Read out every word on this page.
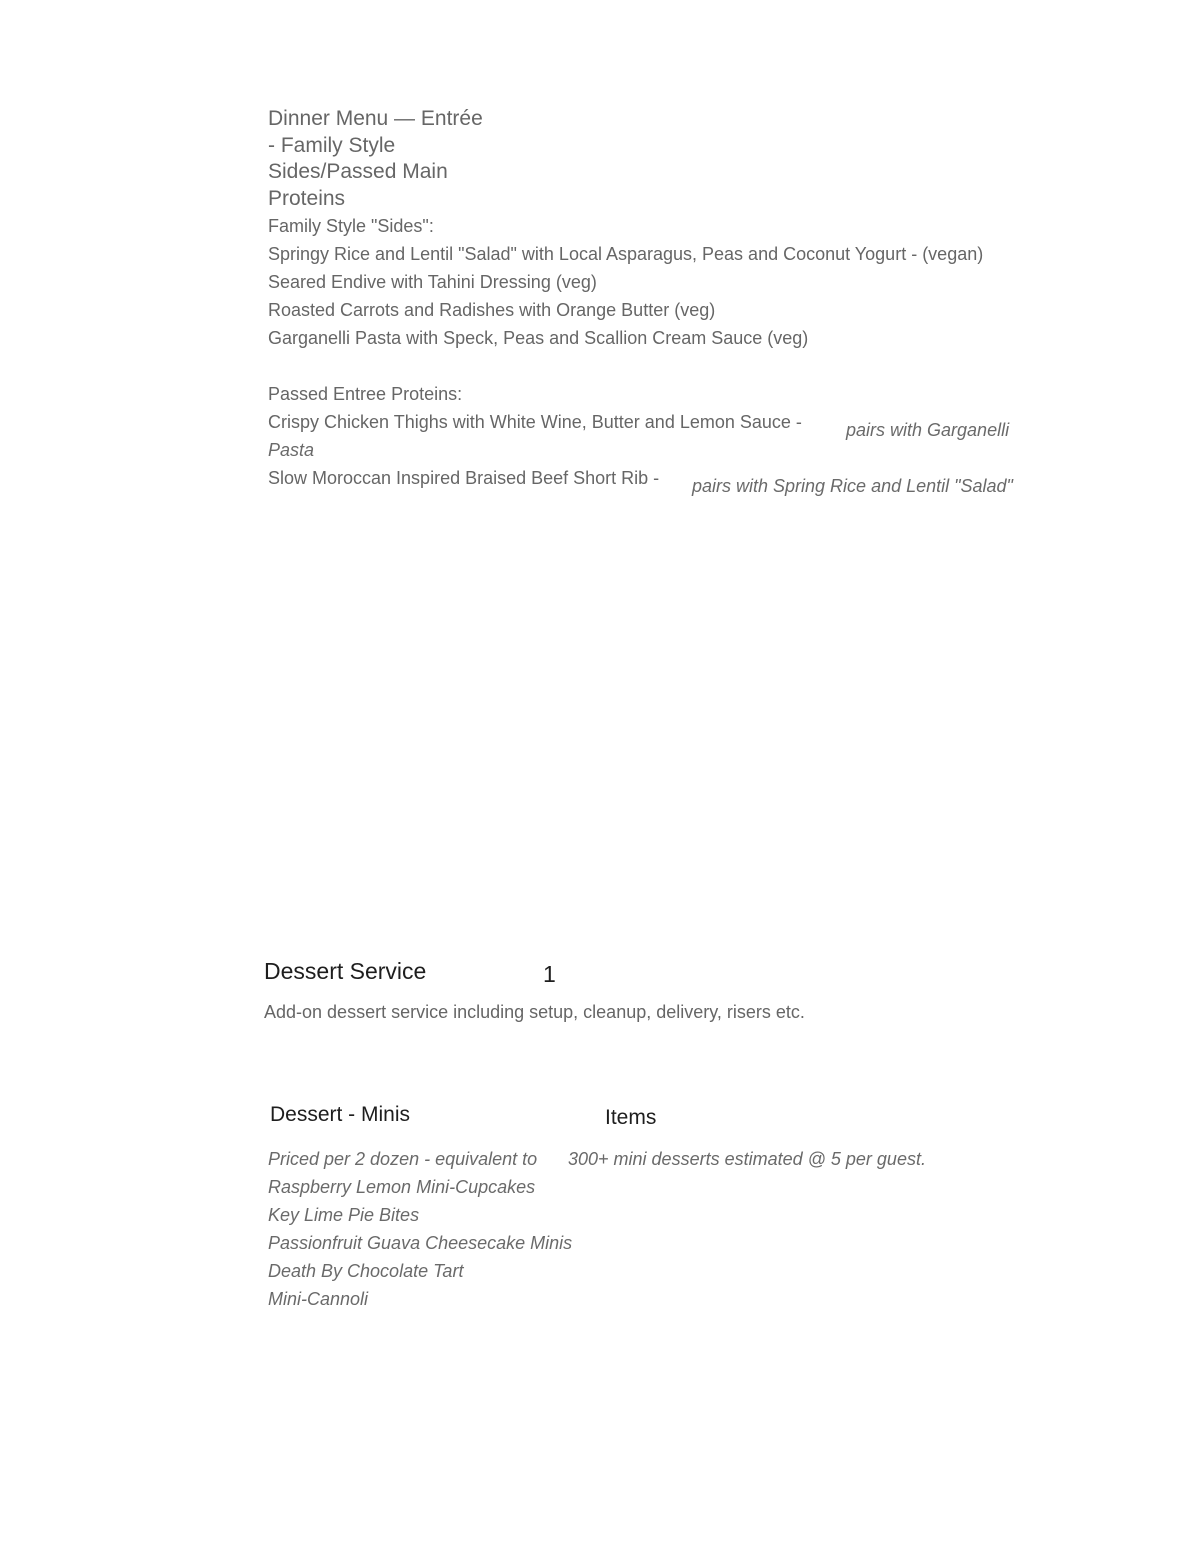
Dinner Menu — Entrée
- Family Style
Sides/Passed Main
Proteins
Family Style "Sides":
Springy Rice and Lentil "Salad" with Local Asparagus, Peas and Coconut Yogurt - (vegan)
Seared Endive with Tahini Dressing (veg)
Roasted Carrots and Radishes with Orange Butter (veg)
Garganelli Pasta with Speck, Peas and Scallion Cream Sauce (veg)
Passed Entree Proteins:
Crispy Chicken Thighs with White Wine, Butter and Lemon Sauce - pairs with Garganelli
Pasta
Slow Moroccan Inspired Braised Beef Short Rib - pairs with Spring Rice and Lentil "Salad"
Dessert Service	1
Add-on dessert service including setup, cleanup, delivery, risers etc.
Dessert - Minis	Items
Priced per 2 dozen - equivalent to 300+ mini desserts estimated @ 5 per guest.
Raspberry Lemon Mini-Cupcakes
Key Lime Pie Bites
Passionfruit Guava Cheesecake Minis
Death By Chocolate Tart
Mini-Cannoli
